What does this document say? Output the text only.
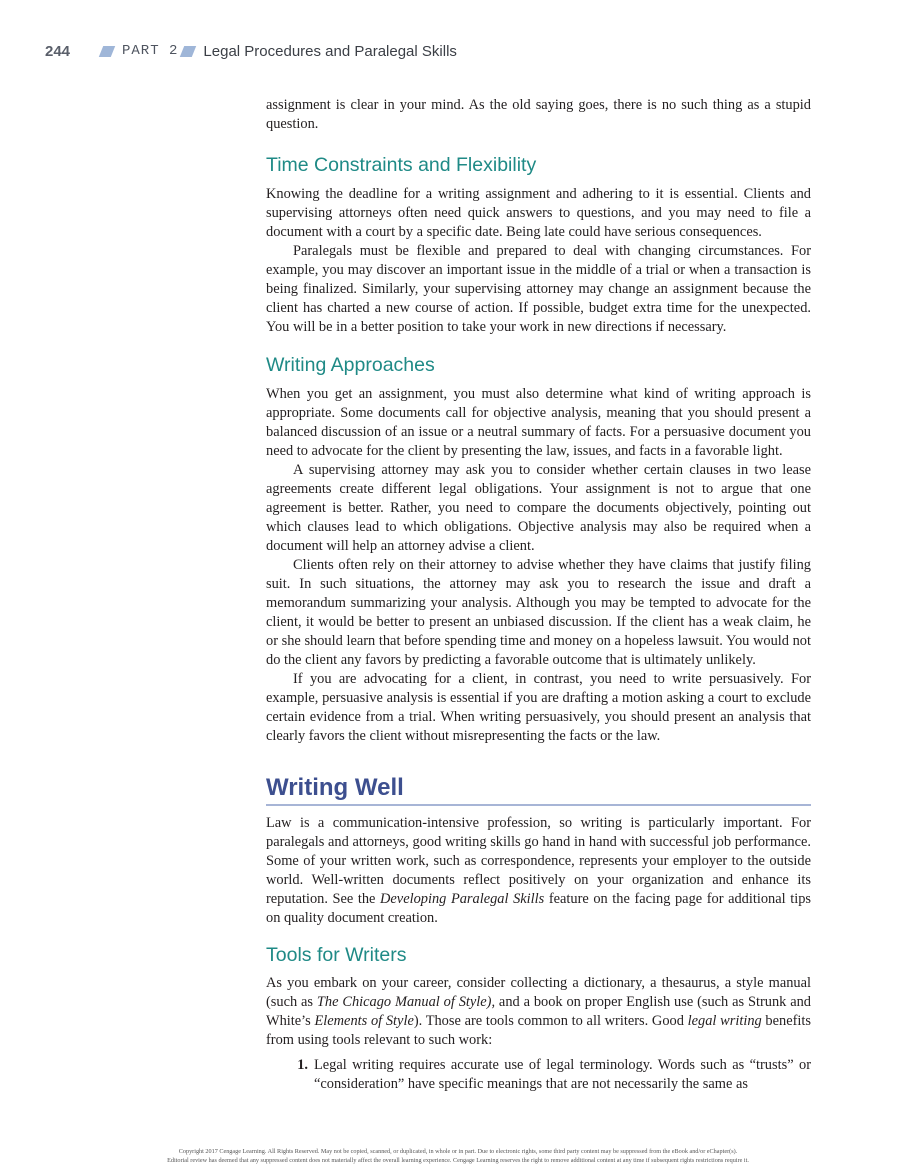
244	PART 2 Legal Procedures and Paralegal Skills

assignment is clear in your mind. As the old saying goes, there is no such thing as a stupid question.

Time Constraints and Flexibility

Knowing the deadline for a writing assignment and adhering to it is essential. Clients and supervising attorneys often need quick answers to questions, and you may need to file a document with a court by a specific date. Being late could have serious consequences.

Paralegals must be flexible and prepared to deal with changing circumstances. For example, you may discover an important issue in the middle of a trial or when a transaction is being finalized. Similarly, your supervising attorney may change an assignment because the client has charted a new course of action. If possible, budget extra time for the unexpected. You will be in a better position to take your work in new directions if necessary.

Writing Approaches

When you get an assignment, you must also determine what kind of writing approach is appropriate. Some documents call for objective analysis, meaning that you should present a balanced discussion of an issue or a neutral summary of facts. For a persuasive document you need to advocate for the client by presenting the law, issues, and facts in a favorable light.

A supervising attorney may ask you to consider whether certain clauses in two lease agreements create different legal obligations. Your assignment is not to argue that one agreement is better. Rather, you need to compare the documents objectively, pointing out which clauses lead to which obligations. Objective analysis may also be required when a document will help an attorney advise a client.

Clients often rely on their attorney to advise whether they have claims that justify filing suit. In such situations, the attorney may ask you to research the issue and draft a memorandum summarizing your analysis. Although you may be tempted to advocate for the client, it would be better to present an unbiased discussion. If the client has a weak claim, he or she should learn that before spending time and money on a hopeless lawsuit. You would not do the client any favors by predicting a favorable outcome that is ultimately unlikely.

If you are advocating for a client, in contrast, you need to write persuasively. For example, persuasive analysis is essential if you are drafting a motion asking a court to exclude certain evidence from a trial. When writing persuasively, you should present an analysis that clearly favors the client without misrepresenting the facts or the law.

Writing Well

Law is a communication-intensive profession, so writing is particularly important. For paralegals and attorneys, good writing skills go hand in hand with successful job performance. Some of your written work, such as correspondence, represents your employer to the outside world. Well-written documents reflect positively on your organization and enhance its reputation. See the Developing Paralegal Skills feature on the facing page for additional tips on quality document creation.

Tools for Writers

As you embark on your career, consider collecting a dictionary, a thesaurus, a style manual (such as The Chicago Manual of Style), and a book on proper English use (such as Strunk and White’s Elements of Style). Those are tools common to all writers. Good legal writing benefits from using tools relevant to such work:

1. Legal writing requires accurate use of legal terminology. Words such as “trusts” or “consideration” have specific meanings that are not necessarily the same as
Copyright 2017 Cengage Learning. All Rights Reserved. May not be copied, scanned, or duplicated, in whole or in part. Due to electronic rights, some third party content may be suppressed from the eBook and/or eChapter(s).
Editorial review has deemed that any suppressed content does not materially affect the overall learning experience. Cengage Learning reserves the right to remove additional content at any time if subsequent rights restrictions require it.
